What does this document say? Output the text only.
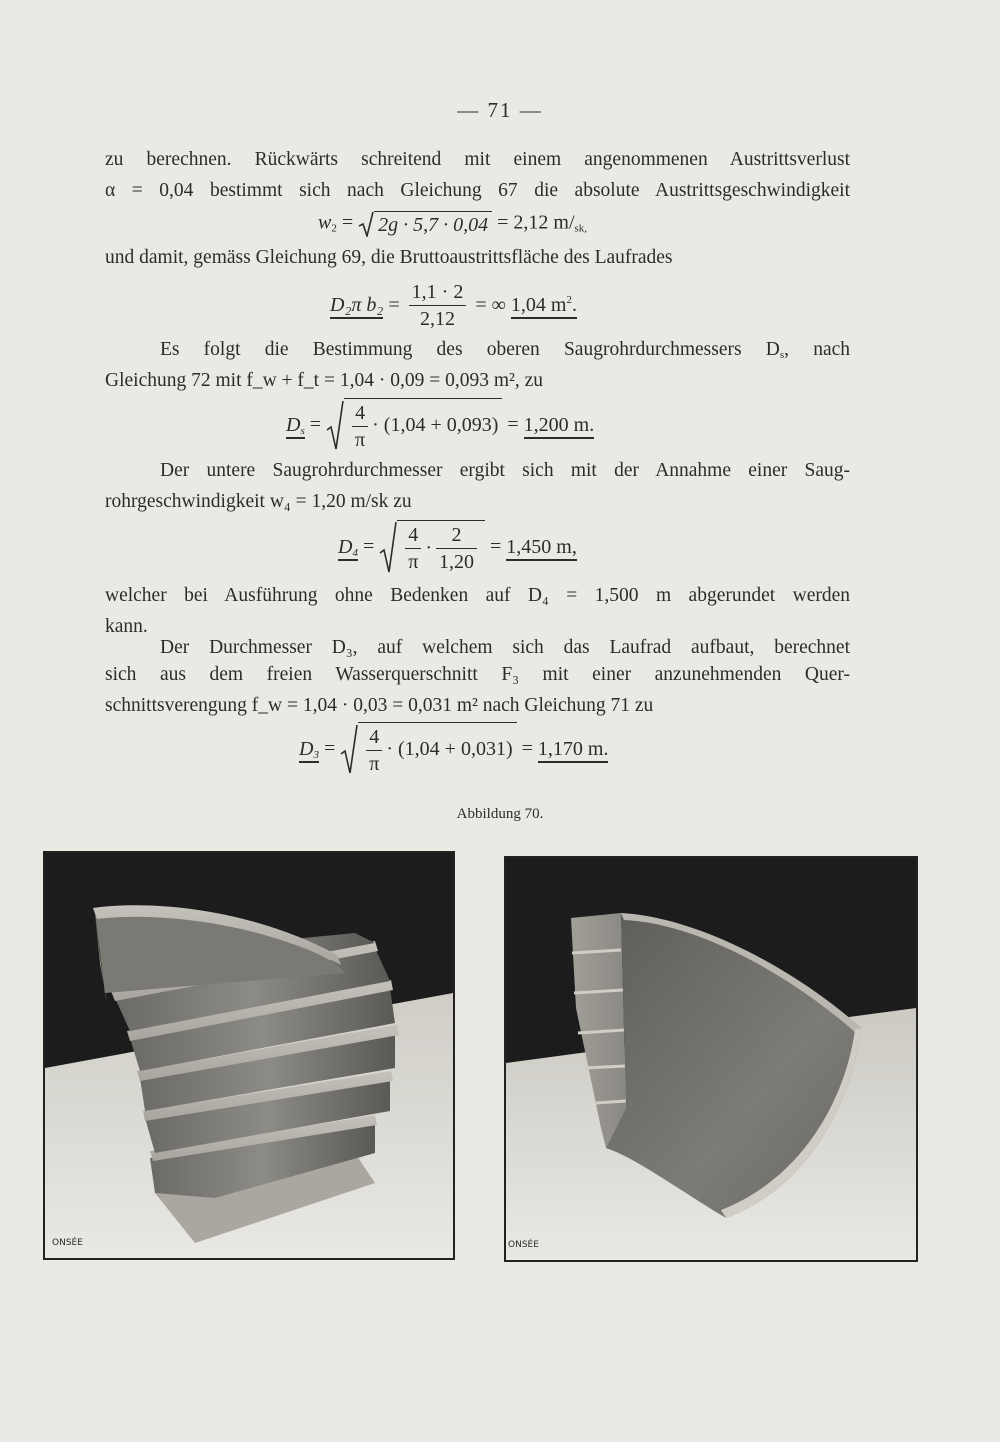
— 71 —
zu berechnen. Rückwärts schreitend mit einem angenommenen Austrittsverlust
α = 0,04 bestimmt sich nach Gleichung 67 die absolute Austrittsgeschwindigkeit
$w_2 = 2g \cdot 5,7 \cdot 0,04 = 2,12$ $m/_{sk,}$
und damit, gemäss Gleichung 69, die Bruttoaustrittsfläche des Laufrades
D₂π $b_2 = \frac{1,1 \cdot 2}{2,12}$ = ∞ 1,04 $m^2$.
Es folgt die Bestimmung des oberen Saugrohrdurchmessers $D_s$, nach
Gleichung 72 mit f_w + f_t = 1,04 · 0,09 = 0,093 m², zu
$D_s = \frac{4}{\pi} \cdot (1,04 + 0,093) = 1,200$ m.
Der untere Saugrohrdurchmesser ergibt sich mit der Annahme einer Saug-
rohrgeschwindigkeit w₄ = 1,20 m/sk zu
$D_4 = \frac{4}{\pi} \cdot \frac{2}{1,20} = 1,450$ m,
welcher bei Ausführung ohne Bedenken auf D₄ = 1,500 m abgerundet werden
kann.
Der Durchmesser D₃, auf welchem sich das Laufrad aufbaut, berechnet
sich aus dem freien Wasserquerschnitt F₃ mit einer anzunehmenden Quer-
schnittsverengung f_w = 1,04 · 0,03 = 0,031 m² nach Gleichung 71 zu
$D_3 = \frac{4}{\pi} \cdot (1,04 + 0,031) = 1,170$ m.
Abbildung 70.
ONSÉE	ONSÉE
